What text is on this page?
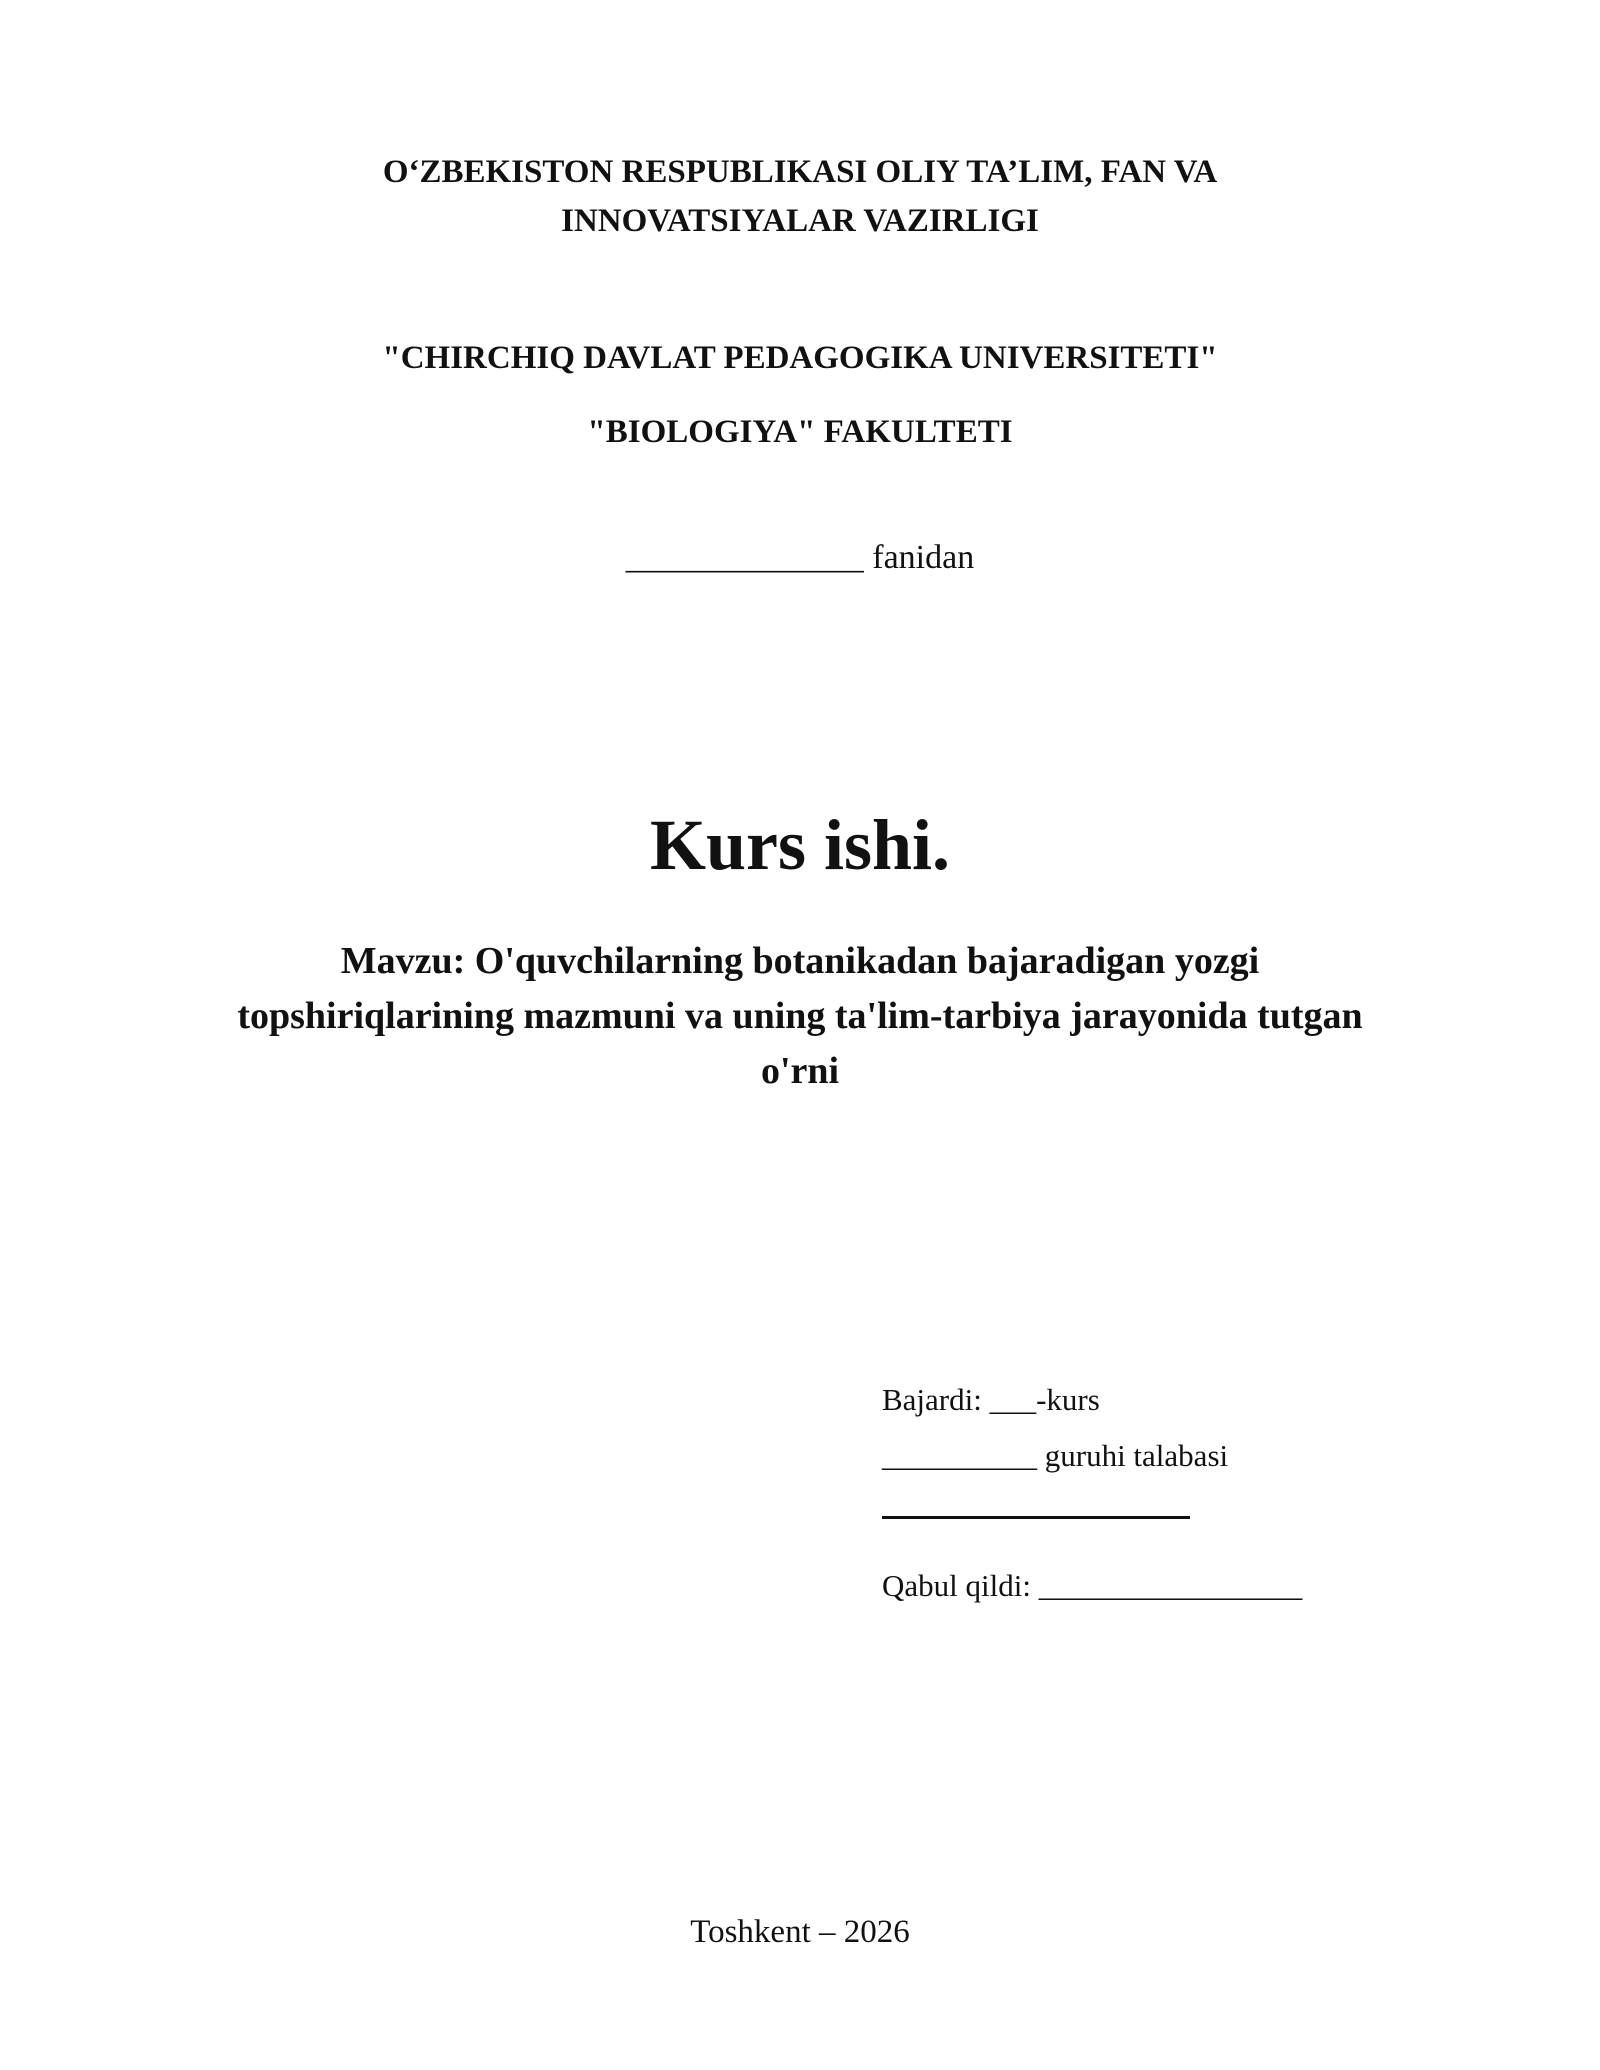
O‘ZBEKISTON RESPUBLIKASI OLIY TA’LIM, FAN VA
INNOVATSIYALAR VAZIRLIGI
"CHIRCHIQ DAVLAT PEDAGOGIKA UNIVERSITETI"
"BIOLOGIYA" FAKULTETI
______________ fanidan
Kurs ishi.
Mavzu: O'quvchilarning botanikadan bajaradigan yozgi
topshiriqlarining mazmuni va uning ta'lim-tarbiya jarayonida tutgan
o'rni
Bajardi: ___-kurs
__________ guruhi talabasi
Qabul qildi: _________________
Toshkent – 2026
